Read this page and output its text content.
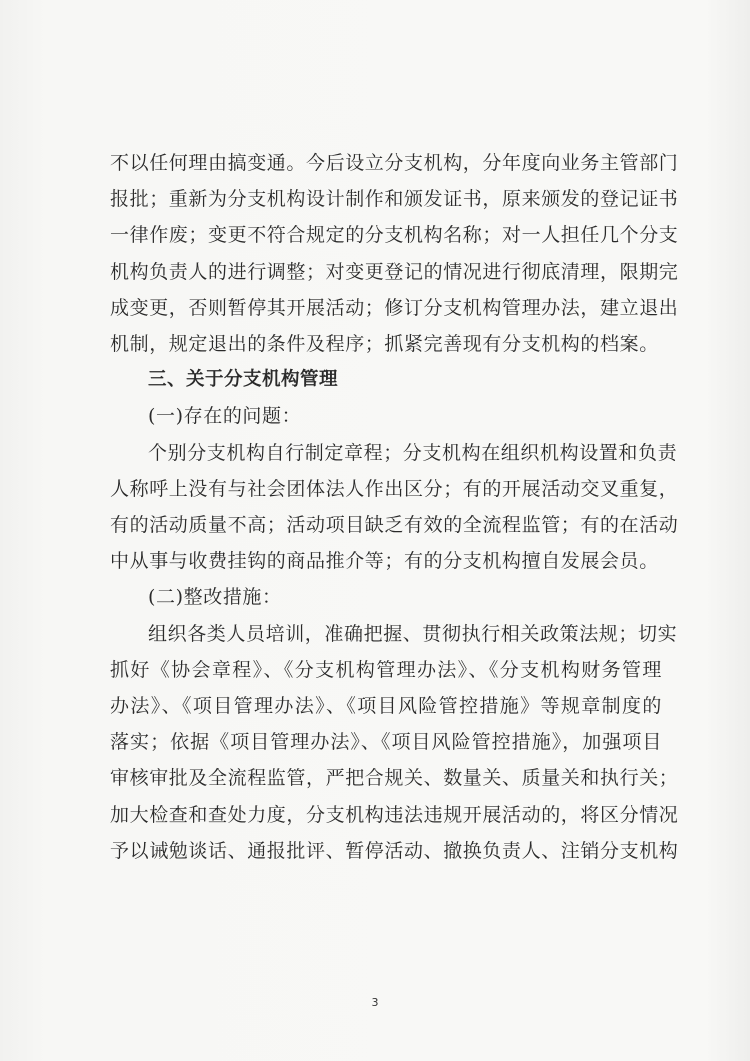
不以任何理由搞变通。今后设立分支机构，分年度向业务主管部门
报批；重新为分支机构设计制作和颁发证书，原来颁发的登记证书
一律作废；变更不符合规定的分支机构名称；对一人担任几个分支
机构负责人的进行调整；对变更登记的情况进行彻底清理，限期完
成变更，否则暂停其开展活动；修订分支机构管理办法，建立退出
机制，规定退出的条件及程序；抓紧完善现有分支机构的档案。
三、关于分支机构管理
(一)存在的问题：
个别分支机构自行制定章程；分支机构在组织机构设置和负责
人称呼上没有与社会团体法人作出区分；有的开展活动交叉重复，
有的活动质量不高；活动项目缺乏有效的全流程监管；有的在活动
中从事与收费挂钩的商品推介等；有的分支机构擅自发展会员。
(二)整改措施：
组织各类人员培训，准确把握、贯彻执行相关政策法规；切实
抓好《协会章程》、《分支机构管理办法》、《分支机构财务管理
办法》、《项目管理办法》、《项目风险管控措施》等规章制度的
落实；依据《项目管理办法》、《项目风险管控措施》，加强项目
审核审批及全流程监管，严把合规关、数量关、质量关和执行关；
加大检查和查处力度，分支机构违法违规开展活动的，将区分情况
予以诫勉谈话、通报批评、暂停活动、撤换负责人、注销分支机构
3
